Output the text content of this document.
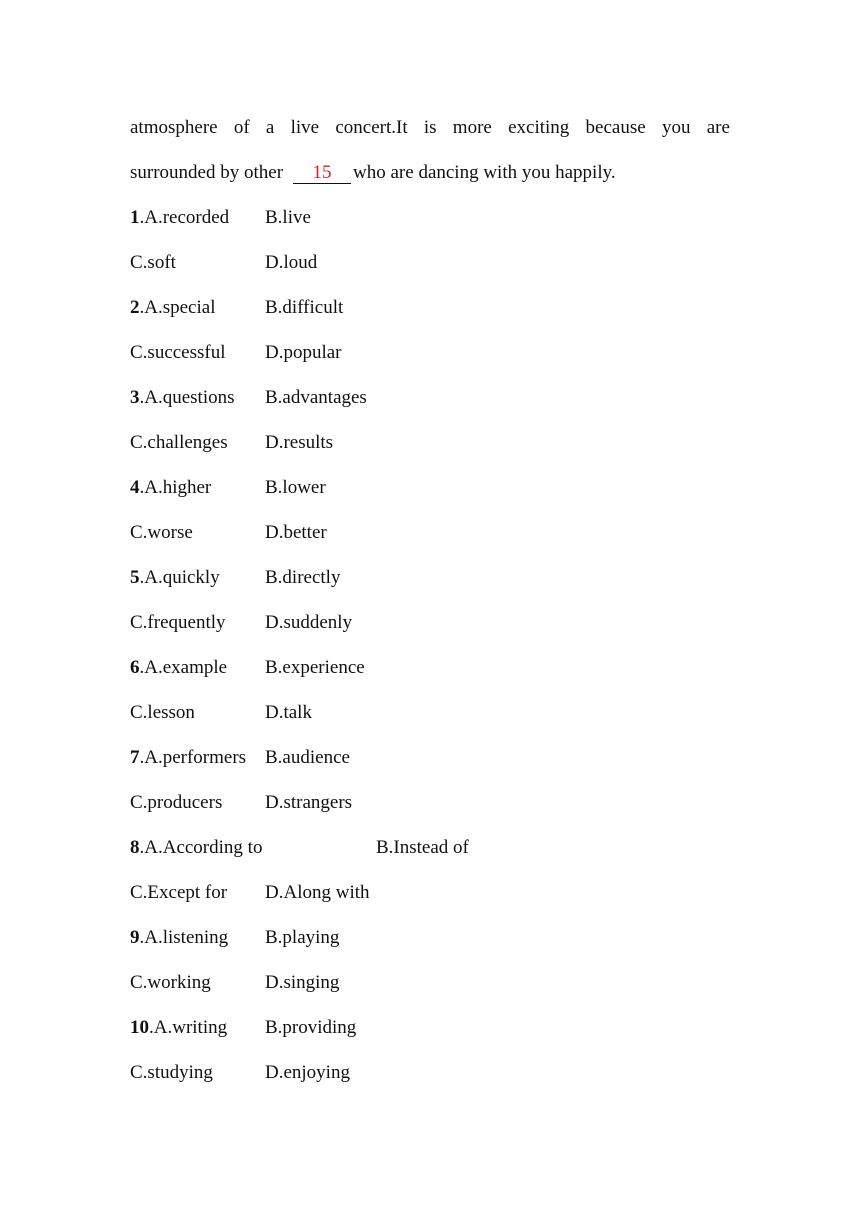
atmosphere of a live concert.It is more exciting because you are
surrounded by other 15 who are dancing with you happily.
1.A.recorded B.live
C.soft	D.loud
2.A.special	B.difficult
C.successful D.popular
3.A.questions B.advantages
C.challenges D.results
4.A.higher	B.lower
C.worse	D.better
5.A.quickly B.directly
C.frequently D.suddenly
6.A.example B.experience
C.lesson	D.talk
7.A.performers B.audience
C.producers D.strangers
8.A.According to	B.Instead of
C.Except for D.Along with
9.A.listening B.playing
C.working	D.singing
10.A.writing B.providing
C.studying	D.enjoying
